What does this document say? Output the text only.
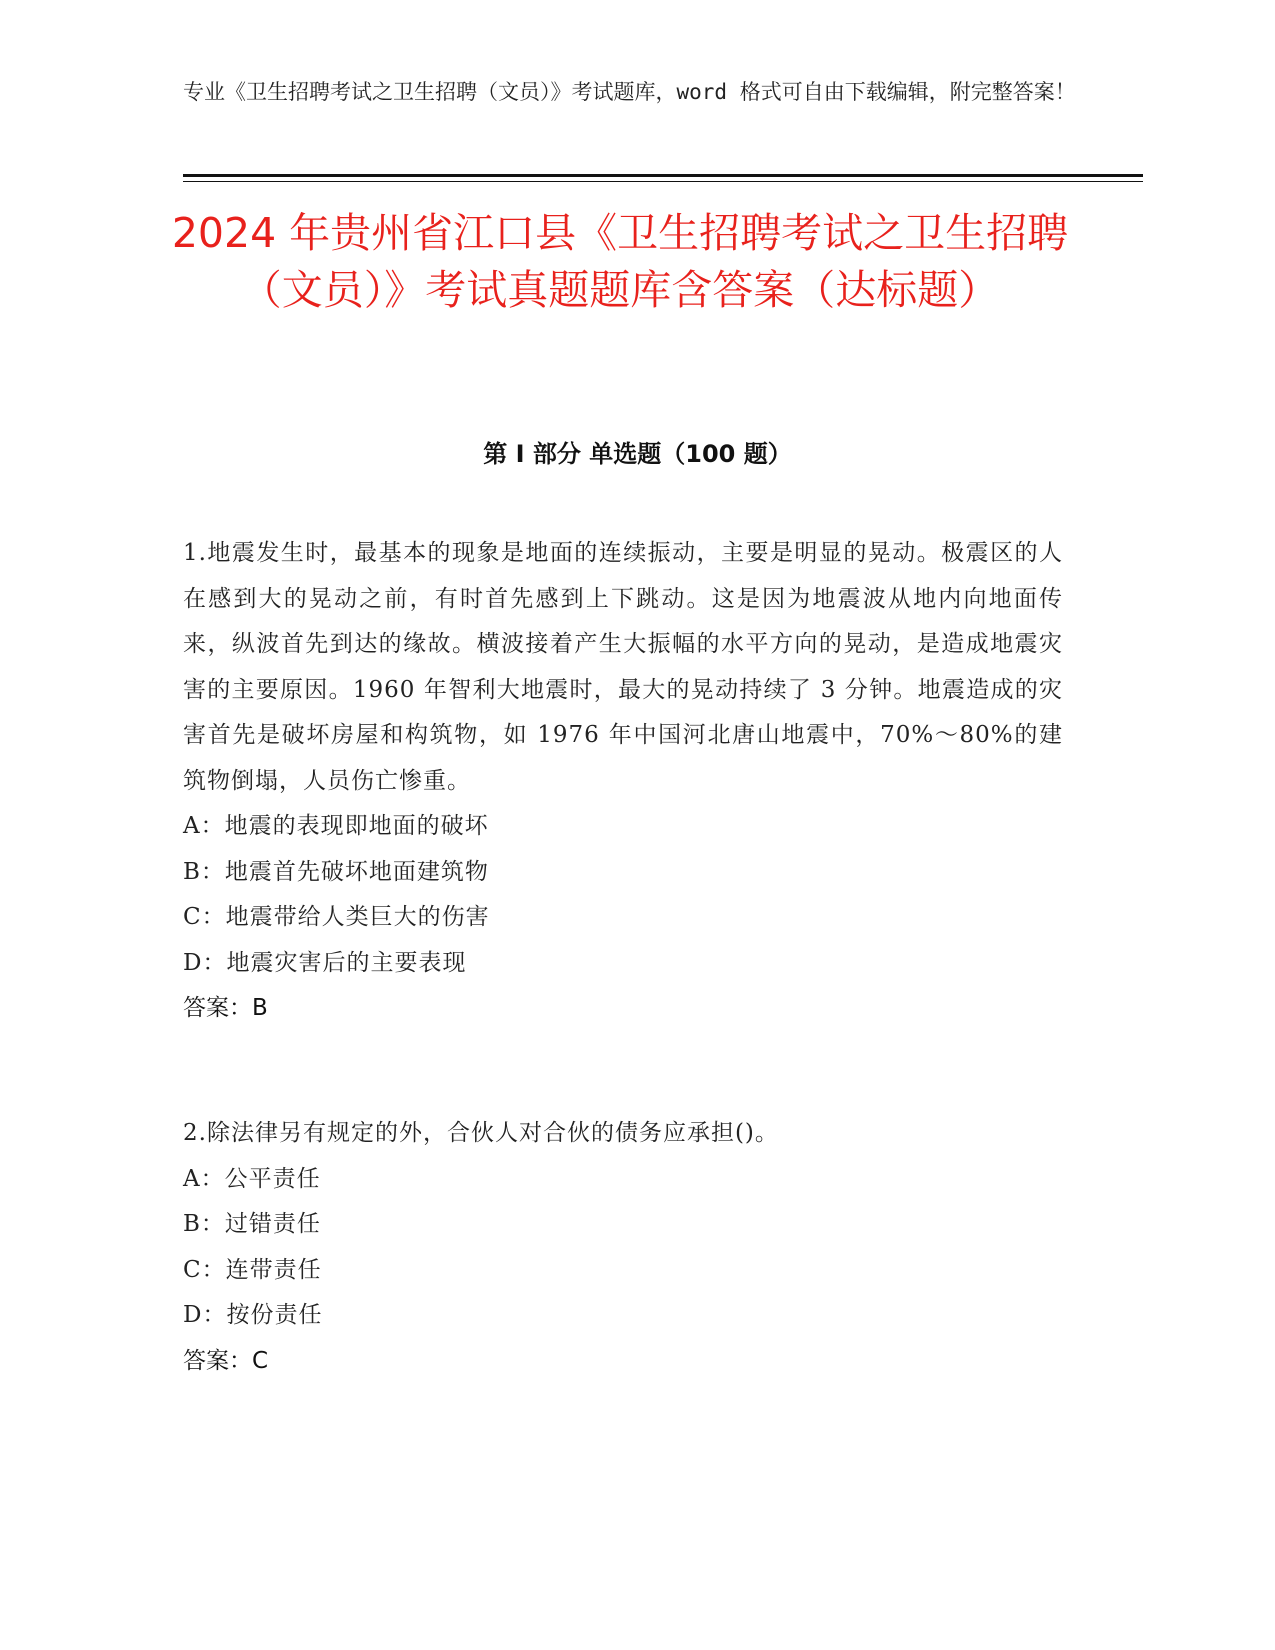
专业《卫生招聘考试之卫生招聘（文员）》考试题库，word 格式可自由下载编辑，附完整答案！
2024 年贵州省江口县《卫生招聘考试之卫生招聘（文员）》考试真题题库含答案（达标题）
第 I 部分 单选题（100 题）

1.地震发生时，最基本的现象是地面的连续振动，主要是明显的晃动。极震区的人在感到大的晃动之前，有时首先感到上下跳动。这是因为地震波从地内向地面传来，纵波首先到达的缘故。横波接着产生大振幅的水平方向的晃动，是造成地震灾害的主要原因。1960 年智利大地震时，最大的晃动持续了 3 分钟。地震造成的灾害首先是破坏房屋和构筑物，如 1976 年中国河北唐山地震中，70%～80%的建筑物倒塌，人员伤亡惨重。

A：地震的表现即地面的破坏

B：地震首先破坏地面建筑物

C：地震带给人类巨大的伤害

D：地震灾害后的主要表现

答案：B

2.除法律另有规定的外，合伙人对合伙的债务应承担()。

A：公平责任

B：过错责任

C：连带责任

D：按份责任

答案：C
